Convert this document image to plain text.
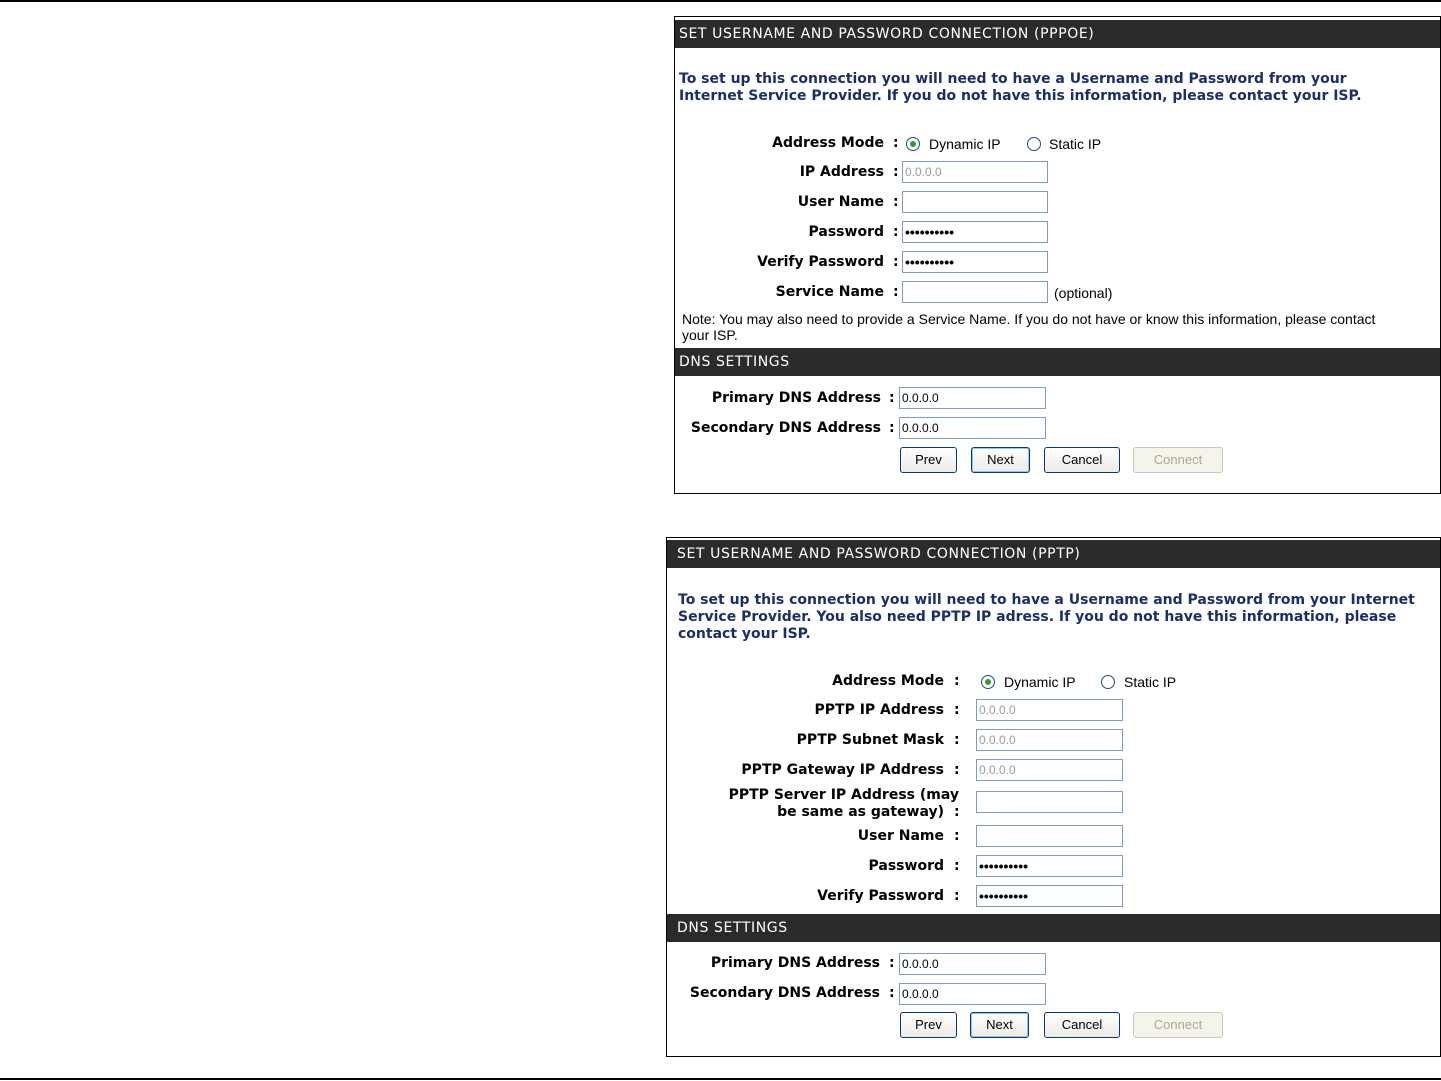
SET USERNAME AND PASSWORD CONNECTION (PPPOE)
To set up this connection you will need to have a Username and Password from your Internet Service Provider. If you do not have this information, please contact your ISP.
Address Mode : Dynamic IP	Static IP
IP Address : 0.0.0.0
User Name :
Password : ••••••••••
Verify Password : ••••••••••
Service Name :	(optional)
Note: You may also need to provide a Service Name. If you do not have or know this information, please contact your ISP.
DNS SETTINGS
Primary DNS Address : 0.0.0.0
Secondary DNS Address : 0.0.0.0
Prev	Next	Cancel	Connect
SET USERNAME AND PASSWORD CONNECTION (PPTP)
To set up this connection you will need to have a Username and Password from your Internet Service Provider. You also need PPTP IP adress. If you do not have this information, please contact your ISP.
Address Mode :	Dynamic IP	Static IP
PPTP IP Address : 0.0.0.0
PPTP Subnet Mask : 0.0.0.0
PPTP Gateway IP Address : 0.0.0.0
PPTP Server IP Address (may
be same as gateway) :
User Name :
Password : ••••••••••
Verify Password : ••••••••••
DNS SETTINGS
Primary DNS Address : 0.0.0.0
Secondary DNS Address : 0.0.0.0
Prev	Next	Cancel	Connect
